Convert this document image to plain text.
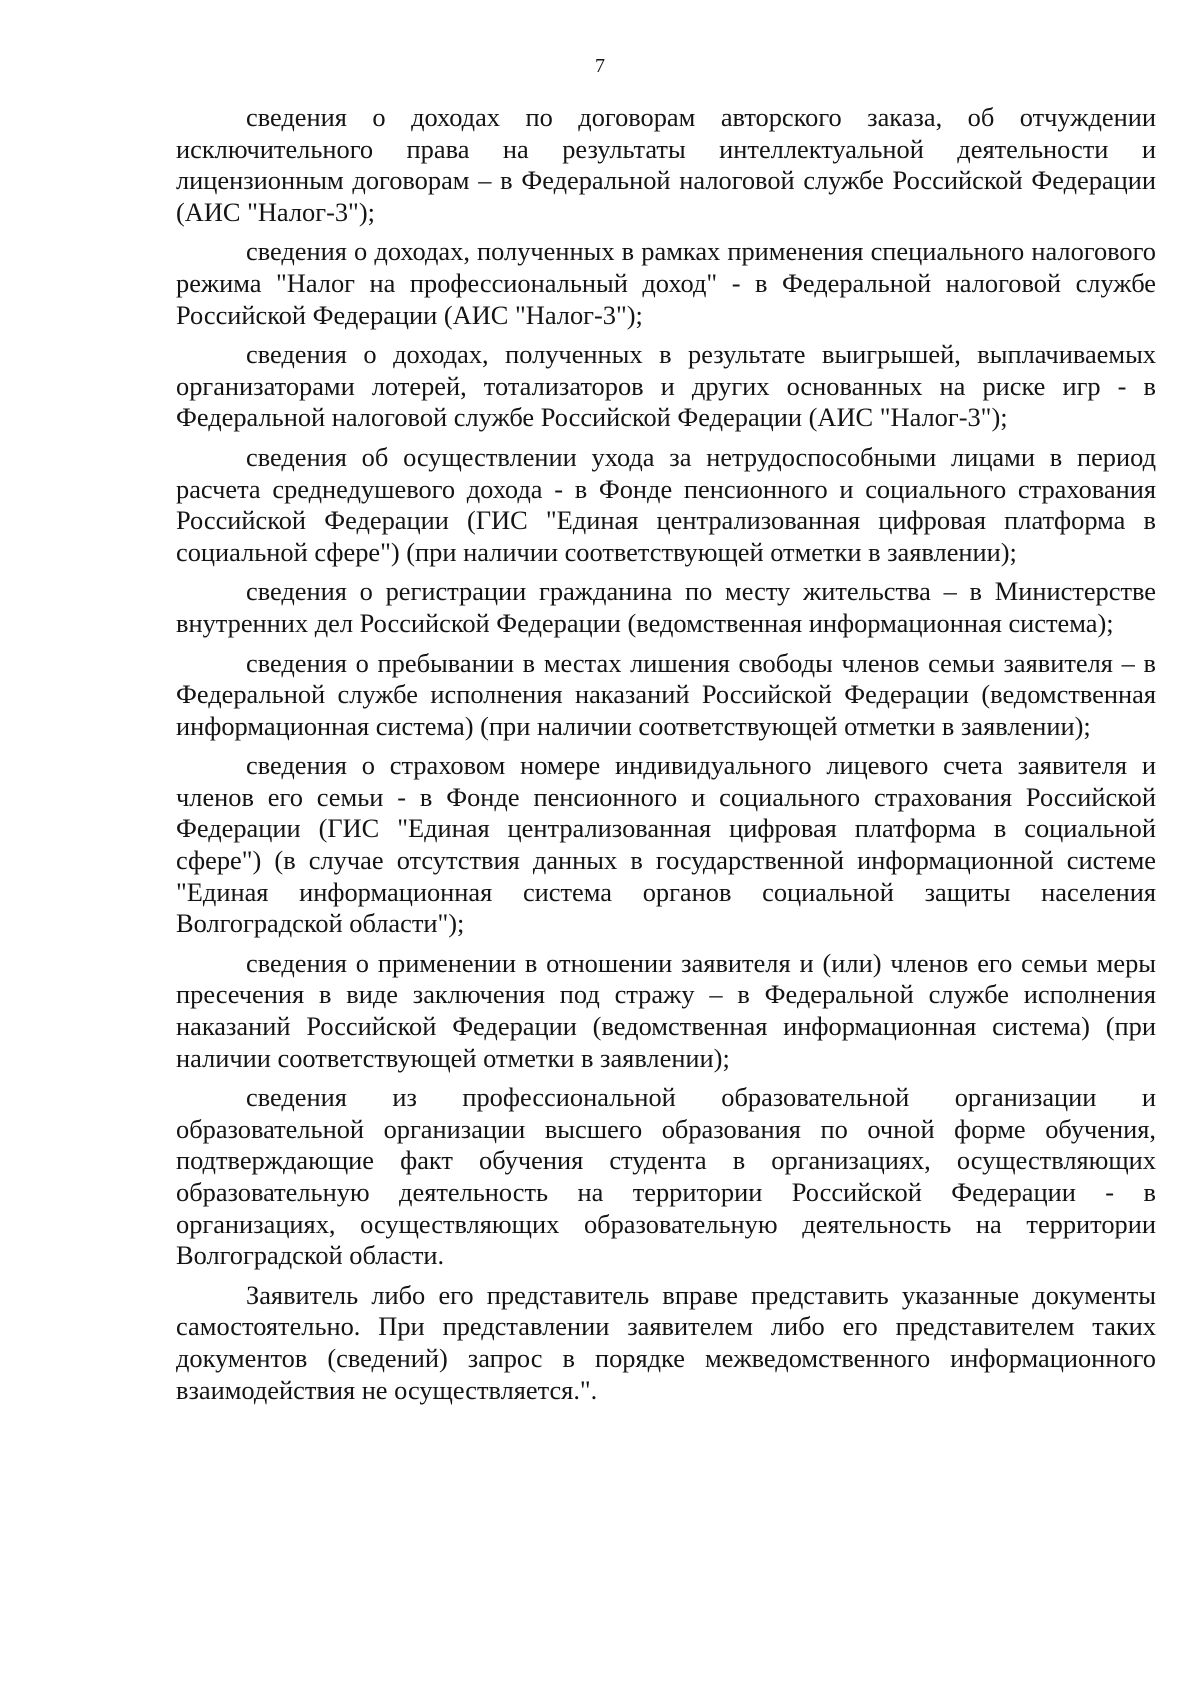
7

сведения о доходах по договорам авторского заказа, об отчуждении исключительного права на результаты интеллектуальной деятельности и лицензионным договорам – в Федеральной налоговой службе Российской Федерации (АИС "Налог-3");

сведения о доходах, полученных в рамках применения специального налогового режима "Налог на профессиональный доход" - в Федеральной налоговой службе Российской Федерации (АИС "Налог-3");

сведения о доходах, полученных в результате выигрышей, выплачиваемых организаторами лотерей, тотализаторов и других основанных на риске игр - в Федеральной налоговой службе Российской Федерации (АИС "Налог-3");

сведения об осуществлении ухода за нетрудоспособными лицами в период расчета среднедушевого дохода - в Фонде пенсионного и социального страхования Российской Федерации (ГИС "Единая централизованная цифровая платформа в социальной сфере") (при наличии соответствующей отметки в заявлении);

сведения о регистрации гражданина по месту жительства – в Министерстве внутренних дел Российской Федерации (ведомственная информационная система);

сведения о пребывании в местах лишения свободы членов семьи заявителя – в Федеральной службе исполнения наказаний Российской Федерации (ведомственная информационная система) (при наличии соответствующей отметки в заявлении);

сведения о страховом номере индивидуального лицевого счета заявителя и членов его семьи - в Фонде пенсионного и социального страхования Российской Федерации (ГИС "Единая централизованная цифровая платформа в социальной сфере") (в случае отсутствия данных в государственной информационной системе "Единая информационная система органов социальной защиты населения Волгоградской области");

сведения о применении в отношении заявителя и (или) членов его семьи меры пресечения в виде заключения под стражу – в Федеральной службе исполнения наказаний Российской Федерации (ведомственная информационная система) (при наличии соответствующей отметки в заявлении);

сведения из профессиональной образовательной организации и образовательной организации высшего образования по очной форме обучения, подтверждающие факт обучения студента в организациях, осуществляющих образовательную деятельность на территории Российской Федерации - в организациях, осуществляющих образовательную деятельность на территории Волгоградской области.

Заявитель либо его представитель вправе представить указанные документы самостоятельно. При представлении заявителем либо его представителем таких документов (сведений) запрос в порядке межведомственного информационного взаимодействия не осуществляется.".
